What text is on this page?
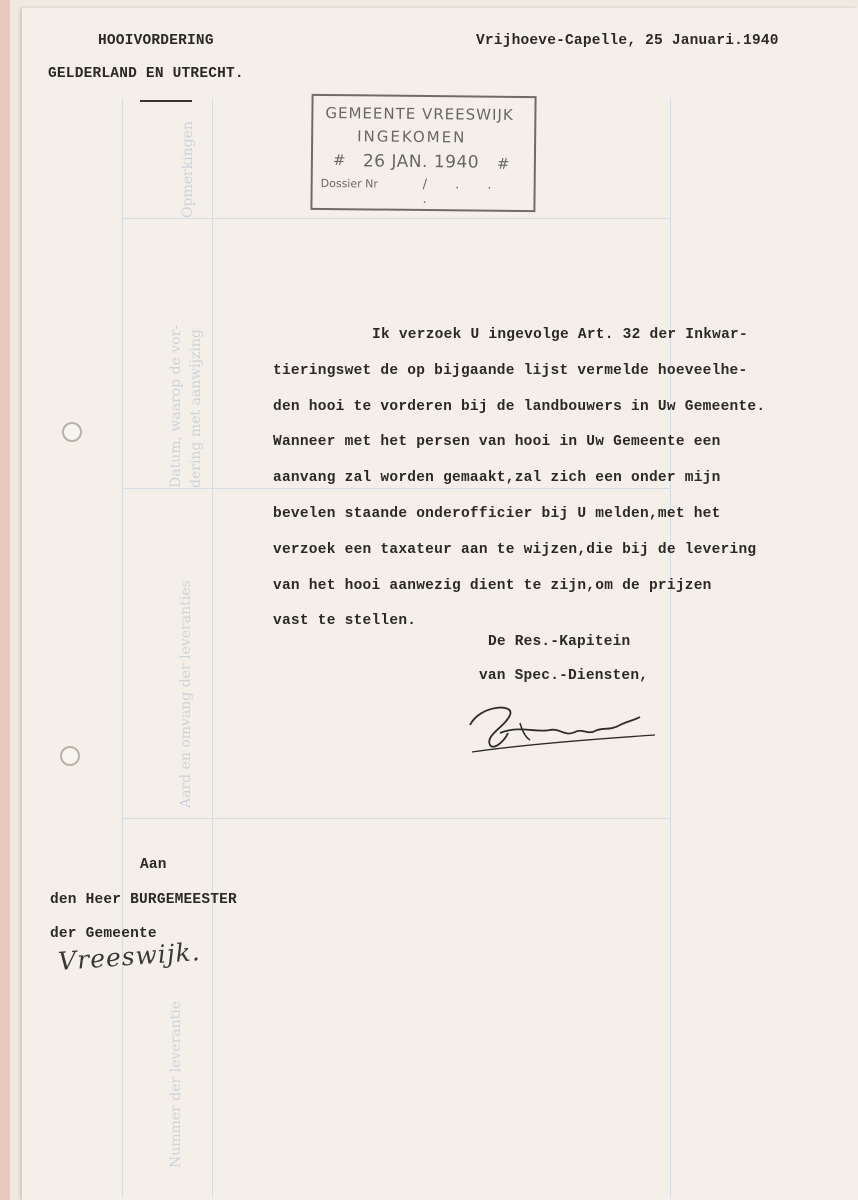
Opmerkingen
Datum, waarop de vor- dering met aanwijzing
Aard en omvang der leveranties
Nummer der leverantie
HOOIVORDERING
GELDERLAND EN UTRECHT.
Vrijhoeve-Capelle, 25 Januari.1940
GEMEENTE VREESWIJK
INGEKOMEN
# 26 JAN. 1940 #
Dossier Nr	/ . . .
Ik verzoek U ingevolge Art. 32 der Inkwar-
tieringswet de op bijgaande lijst vermelde hoeveelhe-
den hooi te vorderen bij de landbouwers in Uw Gemeente.
Wanneer met het persen van hooi in Uw Gemeente een
aanvang zal worden gemaakt,zal zich een onder mijn
bevelen staande onderofficier bij U melden,met het
verzoek een taxateur aan te wijzen,die bij de levering
van het hooi aanwezig dient te zijn,om de prijzen
vast te stellen.
De Res.-Kapitein
van Spec.-Diensten,
Aan
den Heer BURGEMEESTER
der Gemeente
Vreeswijk.
